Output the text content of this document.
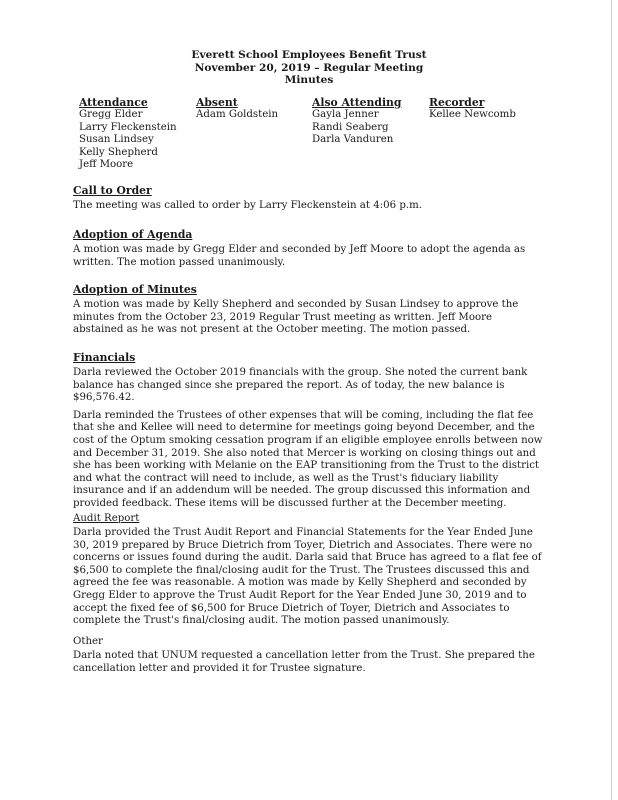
Everett School Employees Benefit Trust
November 20, 2019 – Regular Meeting
Minutes
Attendance
Gregg Elder
Larry Fleckenstein
Susan Lindsey
Kelly Shepherd
Jeff Moore
Absent
Adam Goldstein
Also Attending
Gayla Jenner
Randi Seaberg
Darla Vanduren
Recorder
Kellee Newcomb
Call to Order

The meeting was called to order by Larry Fleckenstein at 4:06 p.m.

Adoption of Agenda

A motion was made by Gregg Elder and seconded by Jeff Moore to adopt the agenda as written. The motion passed unanimously.

Adoption of Minutes

A motion was made by Kelly Shepherd and seconded by Susan Lindsey to approve the minutes from the October 23, 2019 Regular Trust meeting as written. Jeff Moore abstained as he was not present at the October meeting. The motion passed.

Financials

Darla reviewed the October 2019 financials with the group. She noted the current bank balance has changed since she prepared the report. As of today, the new balance is $96,576.42.

Darla reminded the Trustees of other expenses that will be coming, including the flat fee that she and Kellee will need to determine for meetings going beyond December, and the cost of the Optum smoking cessation program if an eligible employee enrolls between now and December 31, 2019. She also noted that Mercer is working on closing things out and she has been working with Melanie on the EAP transitioning from the Trust to the district and what the contract will need to include, as well as the Trust's fiduciary liability insurance and if an addendum will be needed. The group discussed this information and provided feedback. These items will be discussed further at the December meeting.

Audit Report

Darla provided the Trust Audit Report and Financial Statements for the Year Ended June 30, 2019 prepared by Bruce Dietrich from Toyer, Dietrich and Associates. There were no concerns or issues found during the audit. Darla said that Bruce has agreed to a flat fee of $6,500 to complete the final/closing audit for the Trust. The Trustees discussed this and agreed the fee was reasonable. A motion was made by Kelly Shepherd and seconded by Gregg Elder to approve the Trust Audit Report for the Year Ended June 30, 2019 and to accept the fixed fee of $6,500 for Bruce Dietrich of Toyer, Dietrich and Associates to complete the Trust's final/closing audit. The motion passed unanimously.

Other

Darla noted that UNUM requested a cancellation letter from the Trust. She prepared the cancellation letter and provided it for Trustee signature.
